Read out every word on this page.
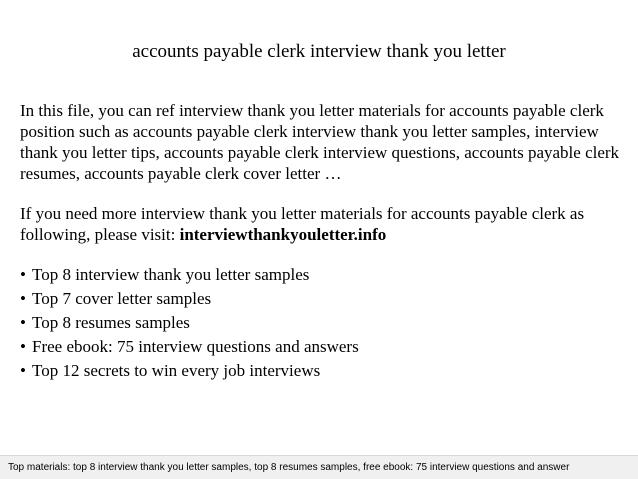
accounts payable clerk interview thank you letter

In this file, you can ref interview thank you letter materials for accounts payable clerk position such as accounts payable clerk interview thank you letter samples, interview thank you letter tips, accounts payable clerk interview questions, accounts payable clerk resumes, accounts payable clerk cover letter …

If you need more interview thank you letter materials for accounts payable clerk as following, please visit: interviewthankyouletter.info

• Top 8 interview thank you letter samples
• Top 7 cover letter samples
• Top 8 resumes samples
• Free ebook: 75 interview questions and answers
• Top 12 secrets to win every job interviews
Top materials: top 8 interview thank you letter samples, top 8 resumes samples, free ebook: 75 interview questions and answer
